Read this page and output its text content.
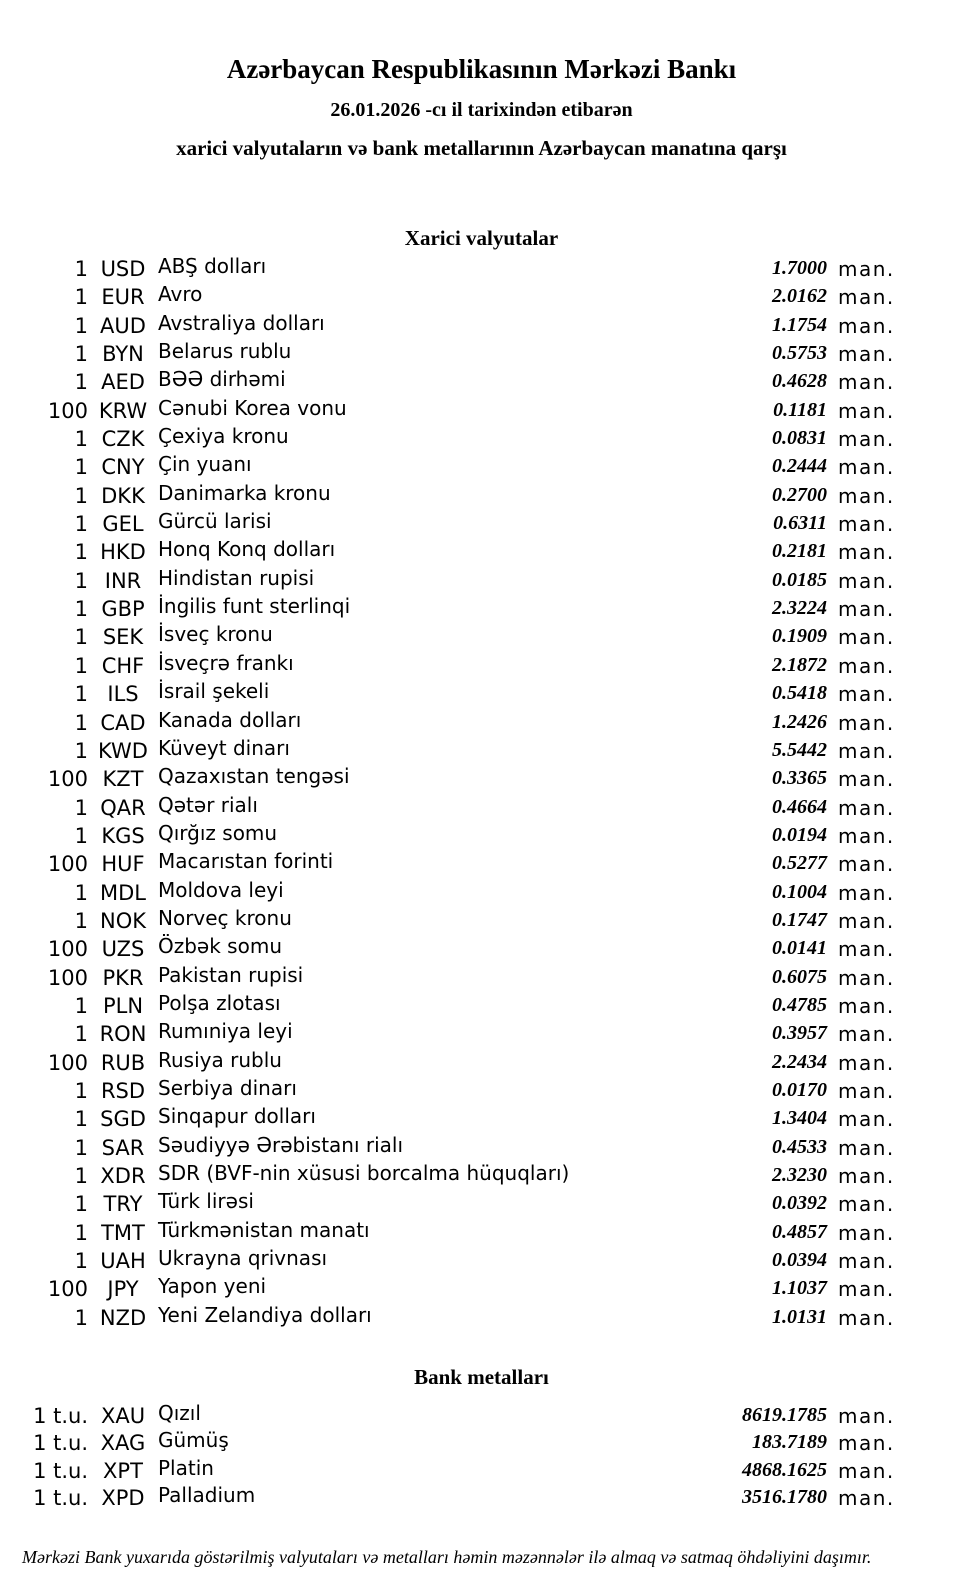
Azərbaycan Respublikasının Mərkəzi Bankı
26.01.2026 -cı il tarixindən etibarən
xarici valyutaların və bank metallarının Azərbaycan manatına qarşı
Xarici valyutalar
1 USD ABŞ dolları	1.7000 man.
1 EUR Avro	2.0162 man.
1 AUD Avstraliya dolları	1.1754 man.
1 BYN Belarus rublu	0.5753 man.
1 AED BƏƏ dirhəmi	0.4628 man.
100 KRW Cənubi Korea vonu	0.1181 man.
1 CZK Çexiya kronu	0.0831 man.
1 CNY Çin yuanı	0.2444 man.
1 DKK Danimarka kronu	0.2700 man.
1 GEL Gürcü larisi	0.6311 man.
1 HKD Honq Konq dolları	0.2181 man.
1 INR Hindistan rupisi	0.0185 man.
1 GBP İngilis funt sterlinqi	2.3224 man.
1 SEK İsveç kronu	0.1909 man.
1 CHF İsveçrə frankı	2.1872 man.
1 ILS İsrail şekeli	0.5418 man.
1 CAD Kanada dolları	1.2426 man.
1 KWD Küveyt dinarı	5.5442 man.
100 KZT Qazaxıstan tengəsi	0.3365 man.
1 QAR Qətər rialı	0.4664 man.
1 KGS Qırğız somu	0.0194 man.
100 HUF Macarıstan forinti	0.5277 man.
1 MDL Moldova leyi	0.1004 man.
1 NOK Norveç kronu	0.1747 man.
100 UZS Özbək somu	0.0141 man.
100 PKR Pakistan rupisi	0.6075 man.
1 PLN Polşa zlotası	0.4785 man.
1 RON Rumıniya leyi	0.3957 man.
100 RUB Rusiya rublu	2.2434 man.
1 RSD Serbiya dinarı	0.0170 man.
1 SGD Sinqapur dolları	1.3404 man.
1 SAR Səudiyyə Ərəbistanı rialı	0.4533 man.
1 XDR SDR (BVF-nin xüsusi borcalma hüquqları)	2.3230 man.
1 TRY Türk lirəsi	0.0392 man.
1 TMT Türkmənistan manatı	0.4857 man.
1 UAH Ukrayna qrivnası	0.0394 man.
100 JPY Yapon yeni	1.1037 man.
1 NZD Yeni Zelandiya dolları	1.0131 man.
Bank metalları
1 t.u. XAU Qızıl	8619.1785 man.
1 t.u. XAG Gümüş	183.7189 man.
1 t.u. XPT Platin	4868.1625 man.
1 t.u. XPD Palladium	3516.1780 man.
Mərkəzi Bank yuxarıda göstərilmiş valyutaları və metalları həmin məzənnələr ilə almaq və satmaq öhdəliyini daşımır.
